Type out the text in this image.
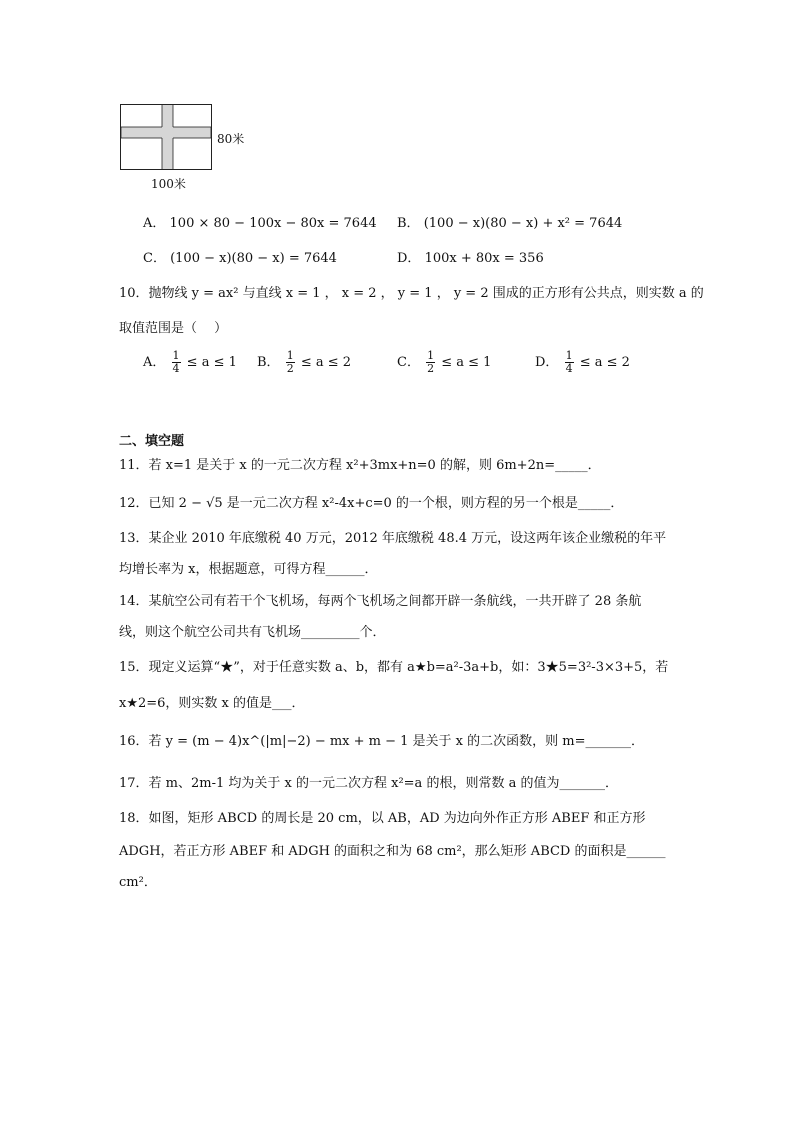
80米
100米
A． 100 × 80 − 100x − 80x = 7644 B． (100 − x)(80 − x) + x² = 7644
C． (100 − x)(80 − x) = 7644	D． 100x + 80x = 356
10．抛物线 y = ax² 与直线 x = 1 ， x = 2 ， y = 1 ， y = 2 围成的正方形有公共点，则实数 a 的
取值范围是（　 ）
A． $\frac{1}{4} \le a \le 1$ B． $\frac{1}{2} \le a \le 2$	C． $\frac{1}{2} \le a \le 1$	D． $\frac{1}{4} \le a \le 2$
二、填空题
11．若 x=1 是关于 x 的一元二次方程 x²+3mx+n=0 的解，则 6m+2n=_____．
12．已知 2 − √5 是一元二次方程 x²-4x+c=0 的一个根，则方程的另一个根是_____．
13．某企业 2010 年底缴税 40 万元，2012 年底缴税 48.4 万元，设这两年该企业缴税的年平
均增长率为 x，根据题意，可得方程______．
14．某航空公司有若干个飞机场，每两个飞机场之间都开辟一条航线，一共开辟了 28 条航
线，则这个航空公司共有飞机场_________个．
15．现定义运算“★”，对于任意实数 a、b，都有 a★b=a²-3a+b，如：3★5=3²-3×3+5，若
x★2=6，则实数 x 的值是___．
16．若 y = (m − 4)x^(|m|−2) − mx + m − 1 是关于 x 的二次函数，则 m=_______．
17．若 m、2m-1 均为关于 x 的一元二次方程 x²=a 的根，则常数 a 的值为_______．
18．如图，矩形 ABCD 的周长是 20 cm，以 AB，AD 为边向外作正方形 ABEF 和正方形
ADGH，若正方形 ABEF 和 ADGH 的面积之和为 68 cm²，那么矩形 ABCD 的面积是______
cm²．
